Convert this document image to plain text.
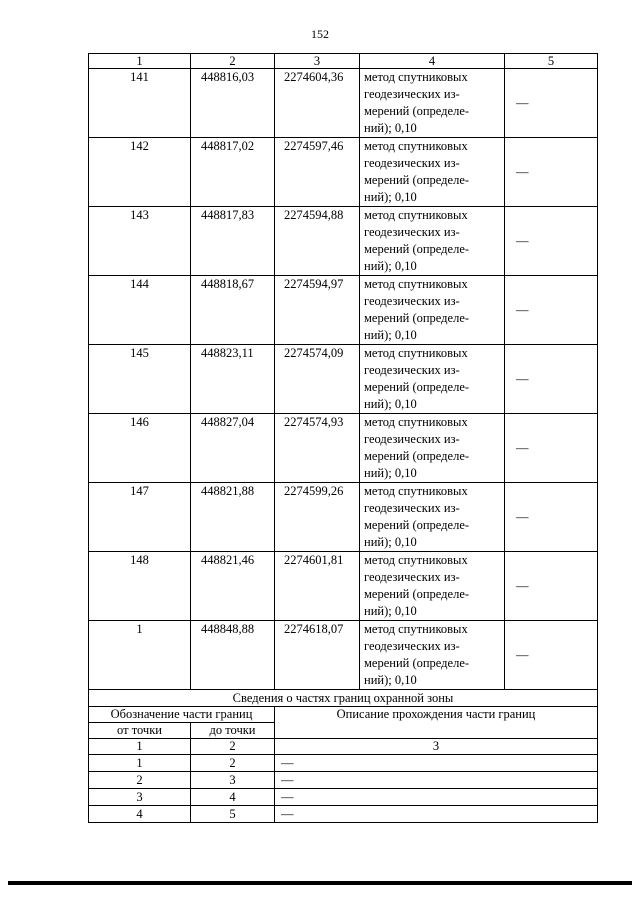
152
1	2	3	4	5
141	448816,03	2274604,36	метод спутниковых
геодезических из-
мерений (определе-
ний); 0,10	—
142	448817,02	2274597,46	метод спутниковых
геодезических из-
мерений (определе-
ний); 0,10	—
143	448817,83	2274594,88	метод спутниковых
геодезических из-
мерений (определе-
ний); 0,10	—
144	448818,67	2274594,97	метод спутниковых
геодезических из-
мерений (определе-
ний); 0,10	—
145	448823,11	2274574,09	метод спутниковых
геодезических из-
мерений (определе-
ний); 0,10	—
146	448827,04	2274574,93	метод спутниковых
геодезических из-
мерений (определе-
ний); 0,10	—
147	448821,88	2274599,26	метод спутниковых
геодезических из-
мерений (определе-
ний); 0,10	—
148	448821,46	2274601,81	метод спутниковых
геодезических из-
мерений (определе-
ний); 0,10	—
1	448848,88	2274618,07	метод спутниковых
геодезических из-
мерений (определе-
ний); 0,10	—
Сведения о частях границ охранной зоны				
Обозначение части границ		Описание прохождения части границ		
от точки	до точки			
1	2	3		
1	2	—		
2	3	—		
3	4	—		
4	5	—		
